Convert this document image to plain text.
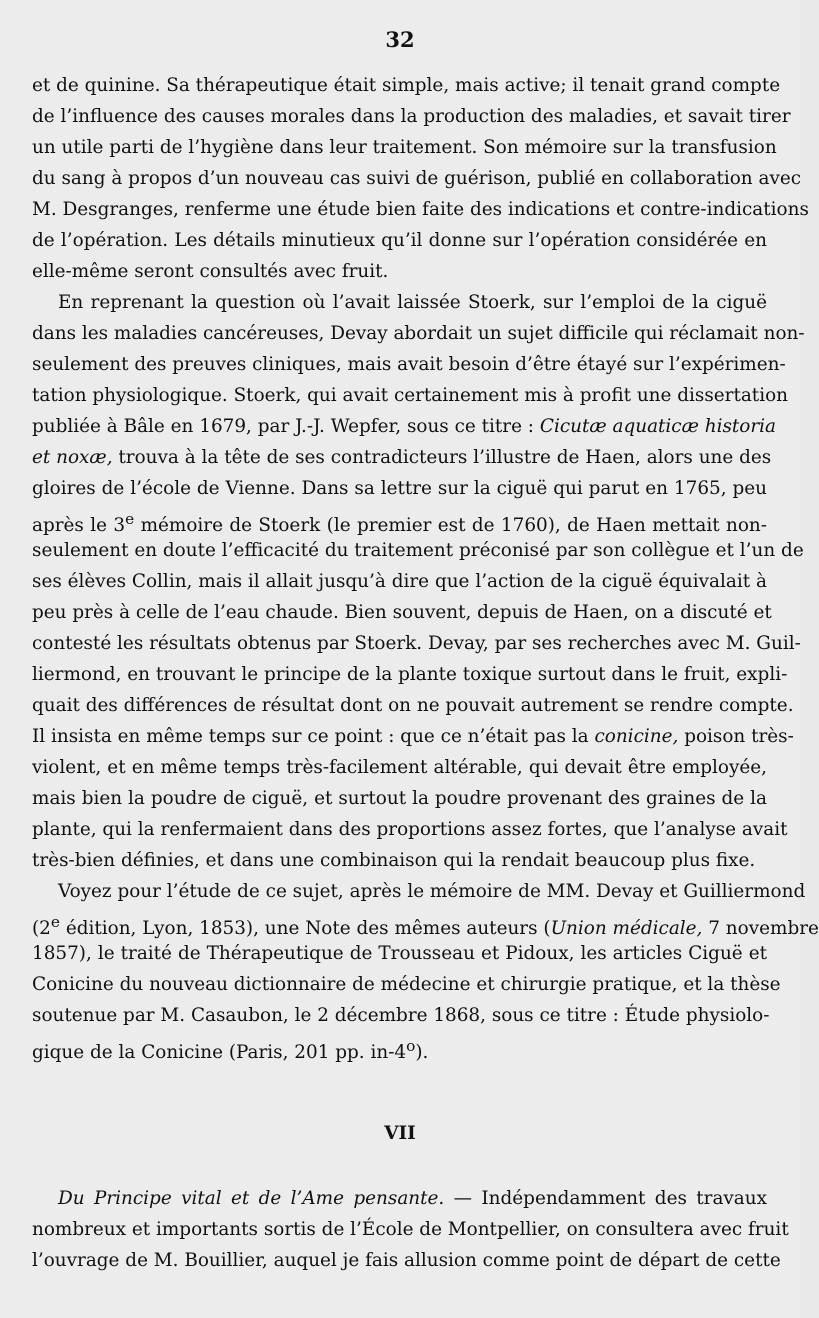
32
et de quinine. Sa thérapeutique était simple, mais active; il tenait grand compte
de l’influence des causes morales dans la production des maladies, et savait tirer
un utile parti de l’hygiène dans leur traitement. Son mémoire sur la transfusion
du sang à propos d’un nouveau cas suivi de guérison, publié en collaboration avec
M. Desgranges, renferme une étude bien faite des indications et contre-indications
de l’opération. Les détails minutieux qu’il donne sur l’opération considérée en
elle-même seront consultés avec fruit.
En reprenant la question où l’avait laissée Stoerk, sur l’emploi de la ciguë
dans les maladies cancéreuses, Devay abordait un sujet difficile qui réclamait non-
seulement des preuves cliniques, mais avait besoin d’être étayé sur l’expérimen-
tation physiologique. Stoerk, qui avait certainement mis à profit une dissertation
publiée à Bâle en 1679, par J.-J. Wepfer, sous ce titre : Cicutæ aquaticæ historia
et noxæ, trouva à la tête de ses contradicteurs l’illustre de Haen, alors une des
gloires de l’école de Vienne. Dans sa lettre sur la ciguë qui parut en 1765, peu
après le 3e mémoire de Stoerk (le premier est de 1760), de Haen mettait non-
seulement en doute l’efficacité du traitement préconisé par son collègue et l’un de
ses élèves Collin, mais il allait jusqu’à dire que l’action de la ciguë équivalait à
peu près à celle de l’eau chaude. Bien souvent, depuis de Haen, on a discuté et
contesté les résultats obtenus par Stoerk. Devay, par ses recherches avec M. Guil-
liermond, en trouvant le principe de la plante toxique surtout dans le fruit, expli-
quait des différences de résultat dont on ne pouvait autrement se rendre compte.
Il insista en même temps sur ce point : que ce n’était pas la conicine, poison très-
violent, et en même temps très-facilement altérable, qui devait être employée,
mais bien la poudre de ciguë, et surtout la poudre provenant des graines de la
plante, qui la renfermaient dans des proportions assez fortes, que l’analyse avait
très-bien définies, et dans une combinaison qui la rendait beaucoup plus fixe.
Voyez pour l’étude de ce sujet, après le mémoire de MM. Devay et Guilliermond
(2e édition, Lyon, 1853), une Note des mêmes auteurs (Union médicale, 7 novembre
1857), le traité de Thérapeutique de Trousseau et Pidoux, les articles Ciguë et
Conicine du nouveau dictionnaire de médecine et chirurgie pratique, et la thèse
soutenue par M. Casaubon, le 2 décembre 1868, sous ce titre : Étude physiolo-
gique de la Conicine (Paris, 201 pp. in-4$^o$).
VII
Du Principe vital et de l’Ame pensante. — Indépendamment des travaux
nombreux et importants sortis de l’École de Montpellier, on consultera avec fruit
l’ouvrage de M. Bouillier, auquel je fais allusion comme point de départ de cette
